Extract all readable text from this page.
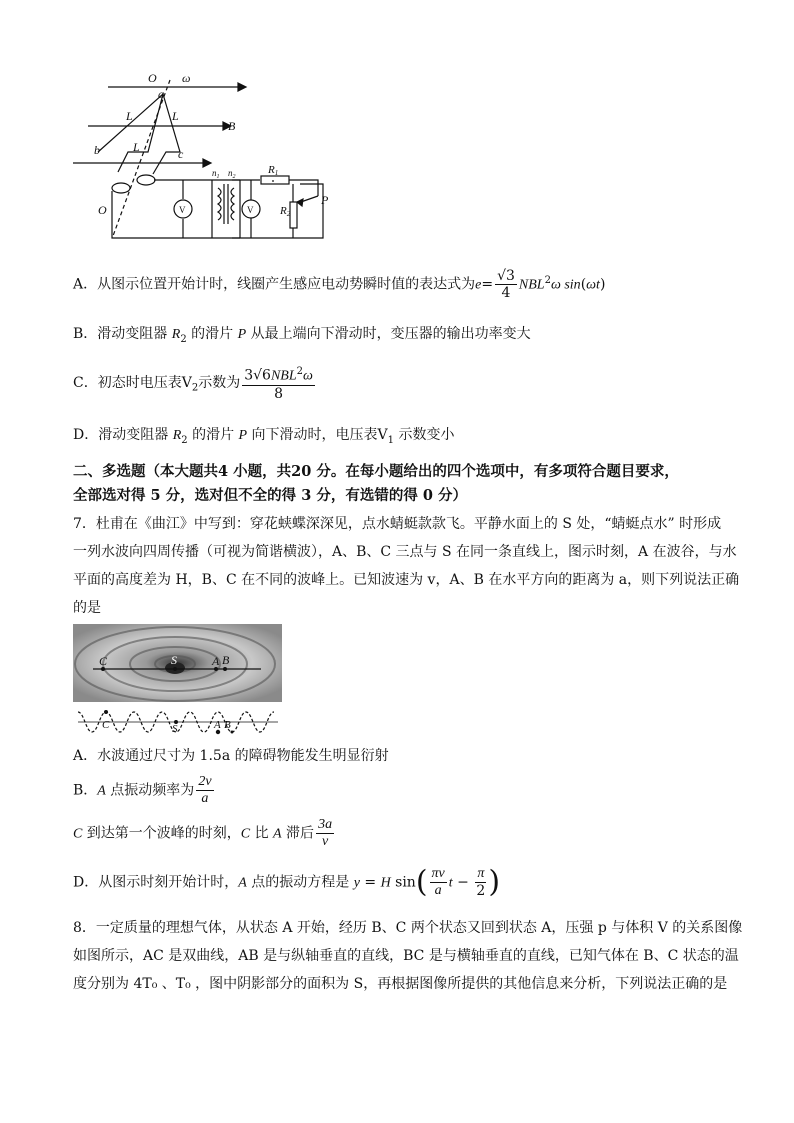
O ω
a
L	L
L
B
b	c
O
$n_1$ $n_2$
R1
R2
P
V	V
A．从图示位置开始计时，线圈产生感应电动势瞬时值的表达式为$e= \frac{√3}{4} NBL^2\omega$ sin(ωt)
B．滑动变阻器 $R_2$ 的滑片 P 从最上端向下滑动时，变压器的输出功率变大
C．初态时电压表$V_2$示数为 $\frac{3√6NBL^2\omega}{8}$
D．滑动变阻器 $R_2$ 的滑片 P 向下滑动时，电压表$V_1$ 示数变小
二、多选题（本大题共4 小题，共20 分。在每小题给出的四个选项中，有多项符合题目要求，
全部选对得 5 分，选对但不全的得 3 分，有选错的得 0 分）
7．杜甫在《曲江》中写到：穿花蛱蝶深深见，点水蜻蜓款款飞。平静水面上的 S 处，“蜻蜓点水” 时形成
一列水波向四周传播（可视为简谐横波），A、B、C 三点与 S 在同一条直线上，图示时刻，A 在波谷，与水
平面的高度差为 H，B、C 在不同的波峰上。已知波速为 v，A、B 在水平方向的距离为 a，则下列说法正确
的是
C	S	A B
C	S	A B
A．水波通过尺寸为 1.5a 的障碍物能发生明显衍射
B．A 点振动频率为 $\frac{2v}{a}$
C 到达第一个波峰的时刻，C 比 A 滞后 $\frac{3a}{v}$
D．从图示时刻开始计时，A 点的振动方程是 y = H $\sin( \frac{\pi v}{a}$ $t - \frac{\pi}{2}$ )
8．一定质量的理想气体，从状态 A 开始，经历 B、C 两个状态又回到状态 A，压强 p 与体积 V 的关系图像
如图所示，AC 是双曲线，AB 是与纵轴垂直的直线，BC 是与横轴垂直的直线，已知气体在 B、C 状态的温
度分别为 4T₀ 、T₀ ，图中阴影部分的面积为 S，再根据图像所提供的其他信息来分析，下列说法正确的是
